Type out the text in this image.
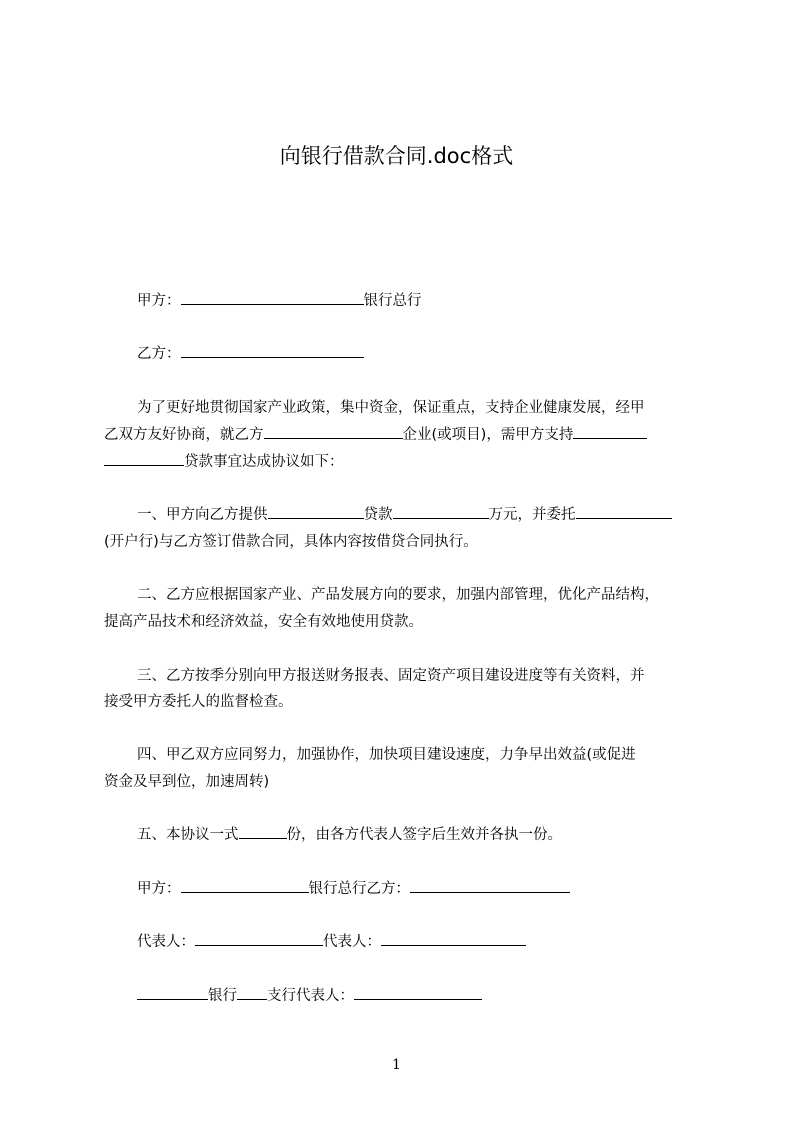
向银行借款合同.doc格式
甲方：	银行总行
乙方：
为了更好地贯彻国家产业政策，集中资金，保证重点，支持企业健康发展，经甲
乙双方友好协商，就乙方	企业(或项目)，需甲方支持
贷款事宜达成协议如下：
一、甲方向乙方提供	贷款	万元，并委托
(开户行)与乙方签订借款合同，具体内容按借贷合同执行。
二、乙方应根据国家产业、产品发展方向的要求，加强内部管理，优化产品结构，
提高产品技术和经济效益，安全有效地使用贷款。
三、乙方按季分别向甲方报送财务报表、固定资产项目建设进度等有关资料，并
接受甲方委托人的监督检查。
四、甲乙双方应同努力，加强协作，加快项目建设速度，力争早出效益(或促进
资金及早到位，加速周转)
五、本协议一式	份，由各方代表人签字后生效并各执一份。
甲方：	银行总行乙方：
代表人：	代表人：
银行 支行代表人：
1
